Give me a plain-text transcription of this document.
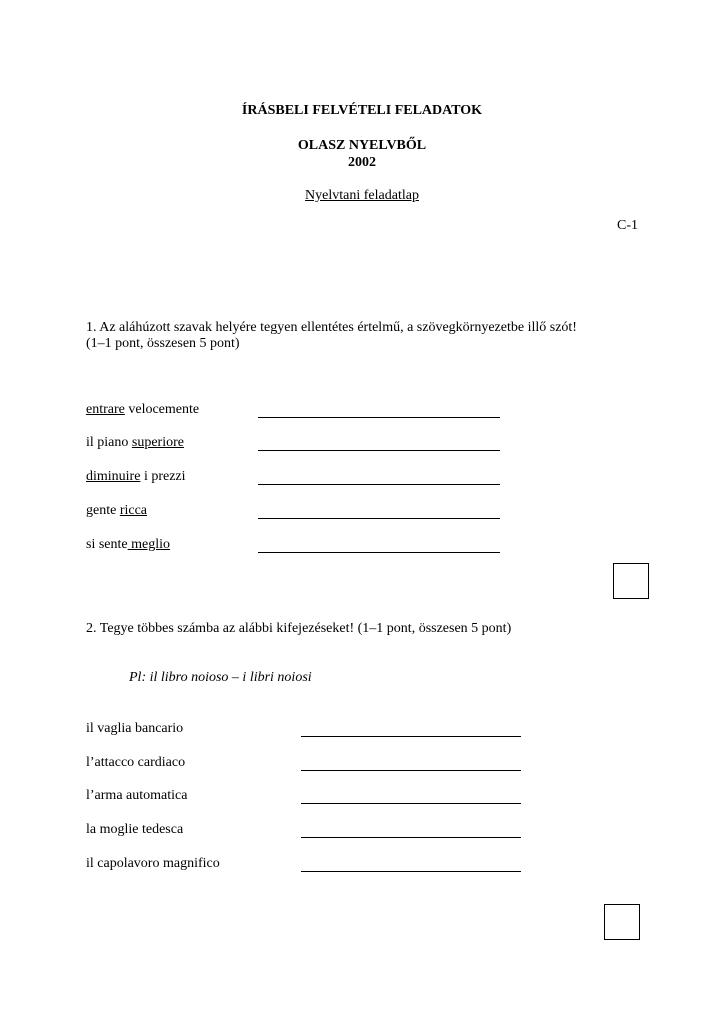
ÍRÁSBELI FELVÉTELI FELADATOK
OLASZ NYELVBŐL
2002
Nyelvtani feladatlap
C-1
1. Az aláhúzott szavak helyére tegyen ellentétes értelmű, a szövegkörnyezetbe illő szót!
(1–1 pont, összesen 5 pont)
entrare velocemente
il piano superiore
diminuire i prezzi
gente ricca
si sente meglio
2. Tegye többes számba az alábbi kifejezéseket! (1–1 pont, összesen 5 pont)
Pl: il libro noioso – i libri noiosi
il vaglia bancario
l’attacco cardiaco
l’arma automatica
la moglie tedesca
il capolavoro magnifico
